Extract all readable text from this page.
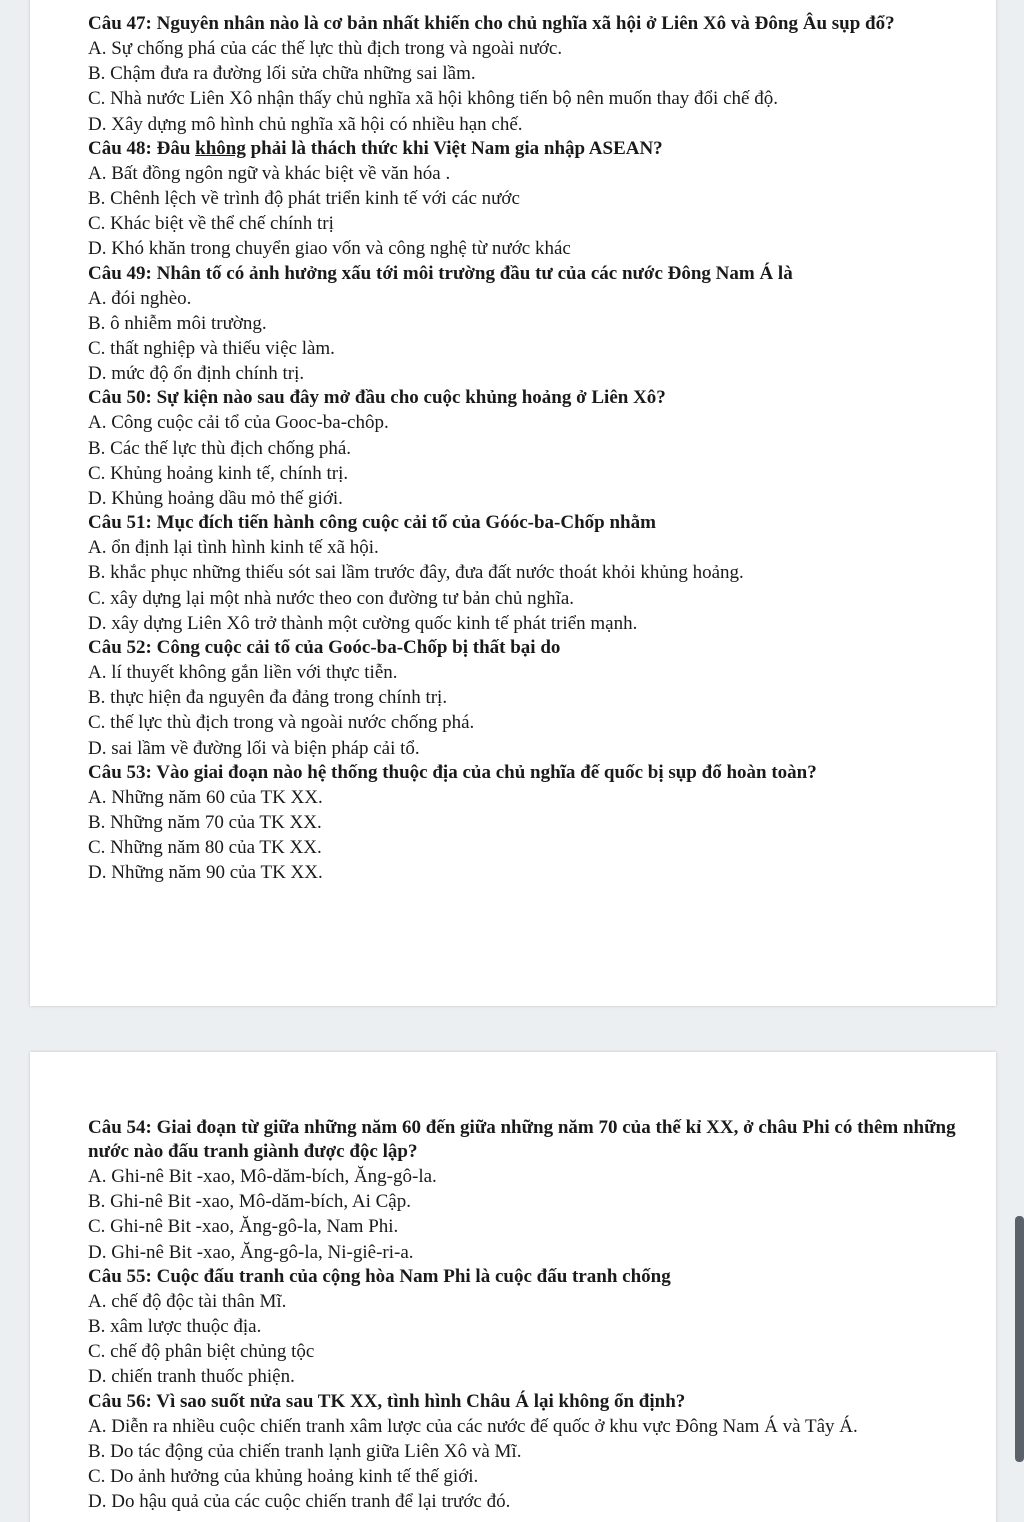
Câu 47: Nguyên nhân nào là cơ bản nhất khiến cho chủ nghĩa xã hội ở Liên Xô và Đông Âu sụp đổ?

A. Sự chống phá của các thế lực thù địch trong và ngoài nước.

B. Chậm đưa ra đường lối sửa chữa những sai lầm.

C. Nhà nước Liên Xô nhận thấy chủ nghĩa xã hội không tiến bộ nên muốn thay đổi chế độ.

D. Xây dựng mô hình chủ nghĩa xã hội có nhiều hạn chế.

Câu 48: Đâu không phải là thách thức khi Việt Nam gia nhập ASEAN?

A. Bất đồng ngôn ngữ và khác biệt về văn hóa .

B. Chênh lệch về trình độ phát triển kinh tế với các nước

C. Khác biệt về thể chế chính trị

D. Khó khăn trong chuyển giao vốn và công nghệ từ nước khác

Câu 49: Nhân tố có ảnh hưởng xấu tới môi trường đầu tư của các nước Đông Nam Á là

A. đói nghèo.

B. ô nhiễm môi trường.

C. thất nghiệp và thiếu việc làm.

D. mức độ ổn định chính trị.

Câu 50: Sự kiện nào sau đây mở đầu cho cuộc khủng hoảng ở Liên Xô?

A. Công cuộc cải tổ của Gooc-ba-chôp.

B. Các thế lực thù địch chống phá.

C. Khủng hoảng kinh tế, chính trị.

D. Khủng hoảng dầu mỏ thế giới.

Câu 51: Mục đích tiến hành công cuộc cải tổ của Góóc-ba-Chốp nhằm

A. ổn định lại tình hình kinh tế xã hội.

B. khắc phục những thiếu sót sai lầm trước đây, đưa đất nước thoát khỏi khủng hoảng.

C. xây dựng lại một nhà nước theo con đường tư bản chủ nghĩa.

D. xây dựng Liên Xô trở thành một cường quốc kinh tế phát triển mạnh.

Câu 52: Công cuộc cải tổ của Goóc-ba-Chốp bị thất bại do

A. lí thuyết không gắn liền với thực tiễn.

B. thực hiện đa nguyên đa đảng trong chính trị.

C. thế lực thù địch trong và ngoài nước chống phá.

D. sai lầm về đường lối và biện pháp cải tổ.

Câu 53: Vào giai đoạn nào hệ thống thuộc địa của chủ nghĩa đế quốc bị sụp đổ hoàn toàn?

A. Những năm 60 của TK XX.

B. Những năm 70 của TK XX.

C. Những năm 80 của TK XX.

D. Những năm 90 của TK XX.

Câu 54: Giai đoạn từ giữa những năm 60 đến giữa những năm 70 của thế kỉ XX, ở châu Phi có thêm những nước nào đấu tranh giành được độc lập?

A. Ghi-nê Bit -xao, Mô-dăm-bích, Ăng-gô-la.

B. Ghi-nê Bit -xao, Mô-dăm-bích, Ai Cập.

C. Ghi-nê Bit -xao, Ăng-gô-la, Nam Phi.

D. Ghi-nê Bit -xao, Ăng-gô-la, Ni-giê-ri-a.

Câu 55: Cuộc đấu tranh của cộng hòa Nam Phi là cuộc đấu tranh chống

A. chế độ độc tài thân Mĩ.

B. xâm lược thuộc địa.

C. chế độ phân biệt chủng tộc

D. chiến tranh thuốc phiện.

Câu 56: Vì sao suốt nửa sau TK XX, tình hình Châu Á lại không ổn định?

A. Diễn ra nhiều cuộc chiến tranh xâm lược của các nước đế quốc ở khu vực Đông Nam Á và Tây Á.

B. Do tác động của chiến tranh lạnh giữa Liên Xô và Mĩ.

C. Do ảnh hưởng của khủng hoảng kinh tế thế giới.

D. Do hậu quả của các cuộc chiến tranh để lại trước đó.
